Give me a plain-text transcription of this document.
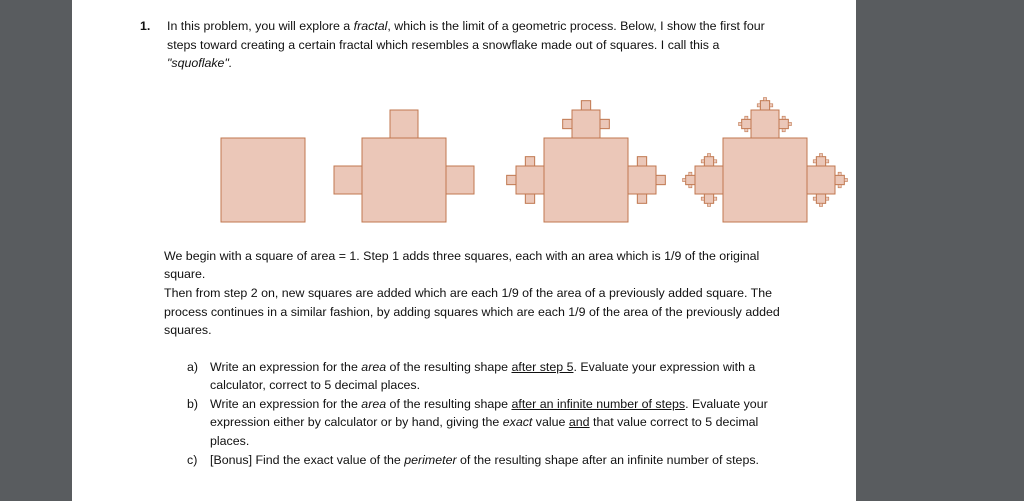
1. In this problem, you will explore a fractal, which is the limit of a geometric process. Below, I show the first four
steps toward creating a certain fractal which resembles a snowflake made out of squares. I call this a
"squoflake".
We begin with a square of area = 1. Step 1 adds three squares, each with an area which is 1/9 of the original
square.
Then from step 2 on, new squares are added which are each 1/9 of the area of a previously added square. The
process continues in a similar fashion, by adding squares which are each 1/9 of the area of the previously added
squares.
a) Write an expression for the area of the resulting shape after step 5. Evaluate your expression with a
calculator, correct to 5 decimal places.
b) Write an expression for the area of the resulting shape after an infinite number of steps. Evaluate your
expression either by calculator or by hand, giving the exact value and that value correct to 5 decimal
places.
c) [Bonus] Find the exact value of the perimeter of the resulting shape after an infinite number of steps.
